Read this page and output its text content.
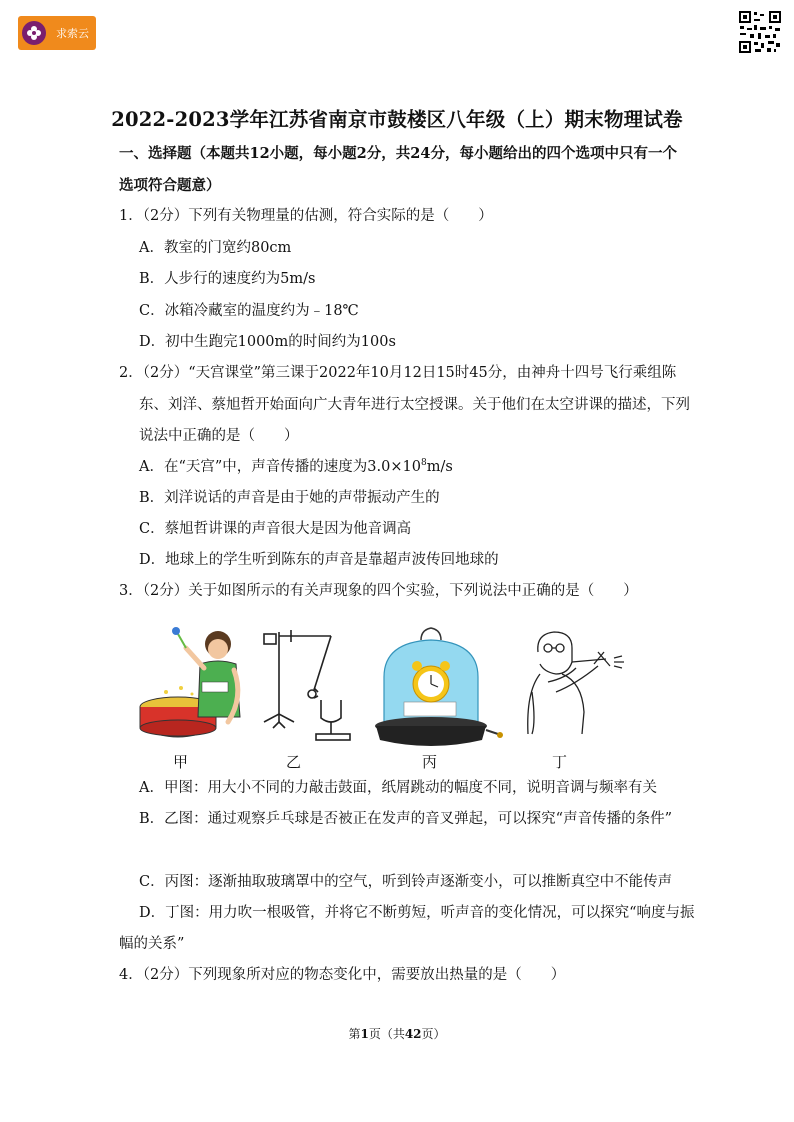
求索云
2022-2023学年江苏省南京市鼓楼区八年级（上）期末物理试卷
一、选择题（本题共12小题，每小题2分，共24分，每小题给出的四个选项中只有一个
选项符合题意）
1．（2分）下列有关物理量的估测，符合实际的是（　　）
A．教室的门宽约80cm
B．人步行的速度约为5m/s
C．冰箱冷藏室的温度约为﹣18℃
D．初中生跑完1000m的时间约为100s
2．（2分）“天宫课堂”第三课于2022年10月12日15时45分，由神舟十四号飞行乘组陈
东、刘洋、蔡旭哲开始面向广大青年进行太空授课。关于他们在太空讲课的描述，下列
说法中正确的是（　　）
A．在“天宫”中，声音传播的速度为$3.0\times 10^8m/s$
B．刘洋说话的声音是由于她的声带振动产生的
C．蔡旭哲讲课的声音很大是因为他音调高
D．地球上的学生听到陈东的声音是靠超声波传回地球的
3．（2分）关于如图所示的有关声现象的四个实验，下列说法中正确的是（　　）
甲	乙	丙	丁
A．甲图：用大小不同的力敲击鼓面，纸屑跳动的幅度不同，说明音调与频率有关
B．乙图：通过观察乒乓球是否被正在发声的音叉弹起，可以探究“声音传播的条件”
C．丙图：逐渐抽取玻璃罩中的空气，听到铃声逐渐变小，可以推断真空中不能传声
D．丁图：用力吹一根吸管，并将它不断剪短，听声音的变化情况，可以探究“响度与振
幅的关系”
4．（2分）下列现象所对应的物态变化中，需要放出热量的是（　　）
第1页（共42页）
